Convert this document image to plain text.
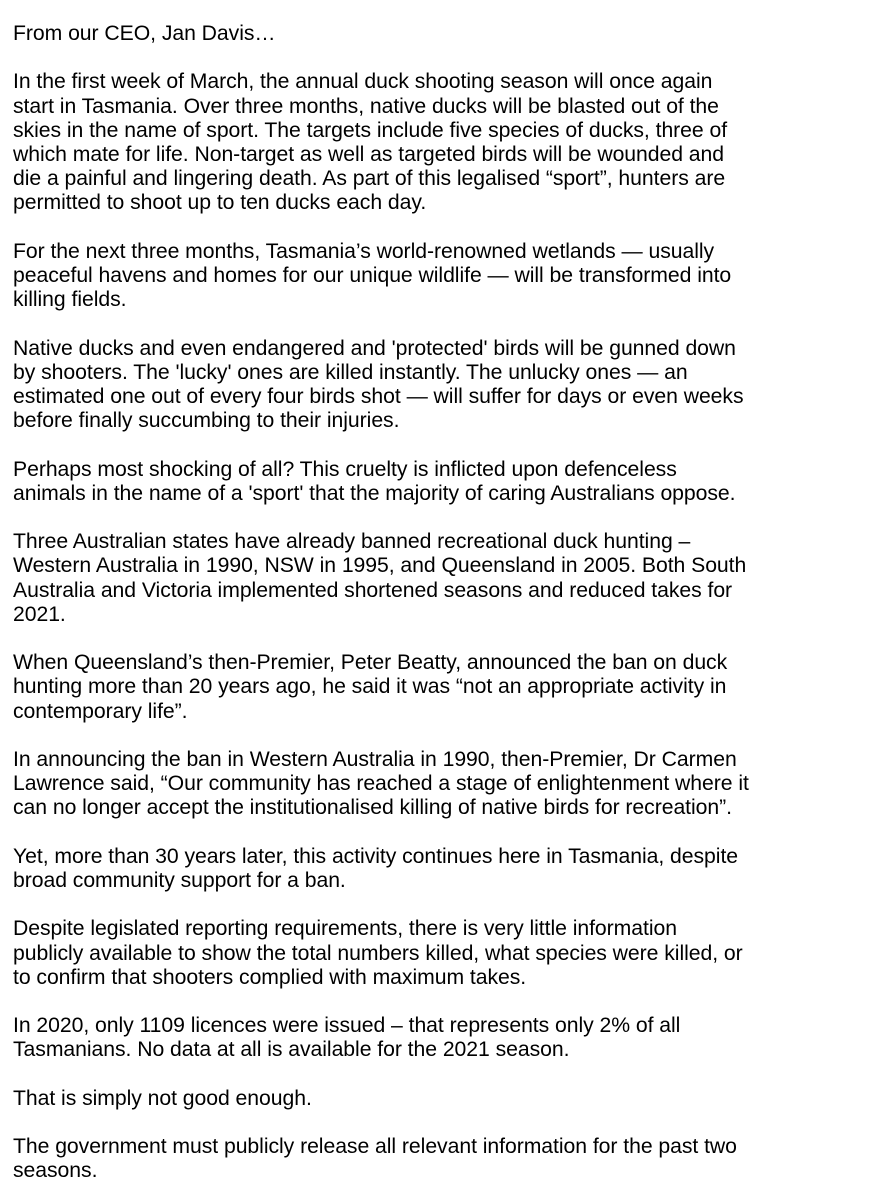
From our CEO, Jan Davis…

In the first week of March, the annual duck shooting season will once again
start in Tasmania. Over three months, native ducks will be blasted out of the
skies in the name of sport. The targets include five species of ducks, three of
which mate for life. Non-target as well as targeted birds will be wounded and
die a painful and lingering death. As part of this legalised “sport”, hunters are
permitted to shoot up to ten ducks each day.

For the next three months, Tasmania’s world-renowned wetlands — usually
peaceful havens and homes for our unique wildlife — will be transformed into
killing fields.

Native ducks and even endangered and 'protected' birds will be gunned down
by shooters. The 'lucky' ones are killed instantly. The unlucky ones — an
estimated one out of every four birds shot — will suffer for days or even weeks
before finally succumbing to their injuries.

Perhaps most shocking of all? This cruelty is inflicted upon defenceless
animals in the name of a 'sport' that the majority of caring Australians oppose.

Three Australian states have already banned recreational duck hunting –
Western Australia in 1990, NSW in 1995, and Queensland in 2005. Both South
Australia and Victoria implemented shortened seasons and reduced takes for
2021.

When Queensland’s then-Premier, Peter Beatty, announced the ban on duck
hunting more than 20 years ago, he said it was “not an appropriate activity in
contemporary life”.

In announcing the ban in Western Australia in 1990, then-Premier, Dr Carmen
Lawrence said, “Our community has reached a stage of enlightenment where it
can no longer accept the institutionalised killing of native birds for recreation”.

Yet, more than 30 years later, this activity continues here in Tasmania, despite
broad community support for a ban.

Despite legislated reporting requirements, there is very little information
publicly available to show the total numbers killed, what species were killed, or
to confirm that shooters complied with maximum takes.

In 2020, only 1109 licences were issued – that represents only 2% of all
Tasmanians. No data at all is available for the 2021 season.

That is simply not good enough.

The government must publicly release all relevant information for the past two
seasons.
